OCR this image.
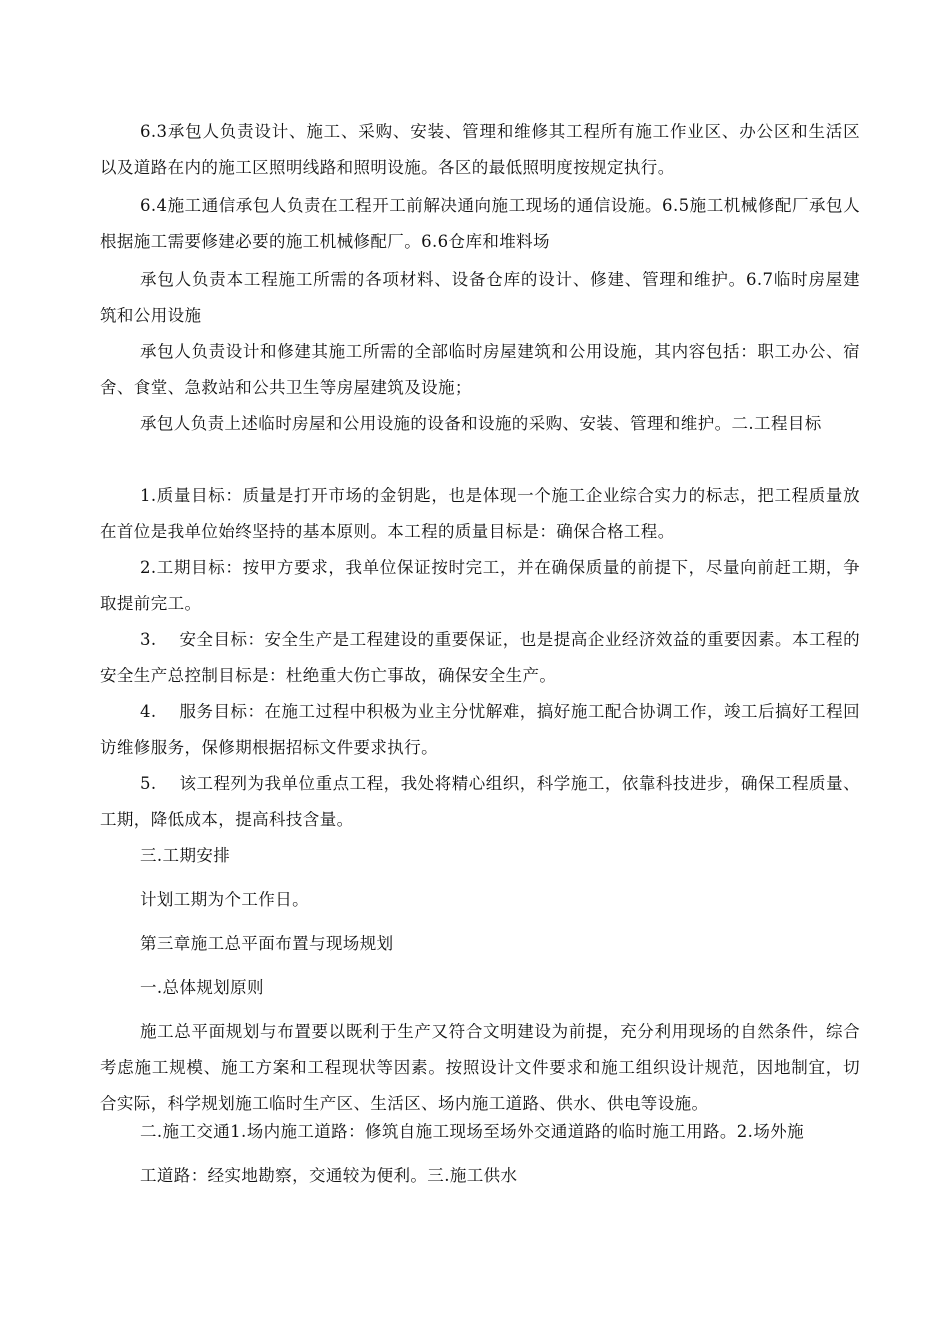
6.3承包人负责设计、施工、采购、安装、管理和维修其工程所有施工作业区、办公区和生活区以及道路在内的施工区照明线路和照明设施。各区的最低照明度按规定执行。

6.4施工通信承包人负责在工程开工前解决通向施工现场的通信设施。6.5施工机械修配厂承包人根据施工需要修建必要的施工机械修配厂。6.6仓库和堆料场

承包人负责本工程施工所需的各项材料、设备仓库的设计、修建、管理和维护。6.7临时房屋建筑和公用设施

承包人负责设计和修建其施工所需的全部临时房屋建筑和公用设施，其内容包括：职工办公、宿舍、食堂、急救站和公共卫生等房屋建筑及设施；

承包人负责上述临时房屋和公用设施的设备和设施的采购、安装、管理和维护。二.工程目标

1.质量目标：质量是打开市场的金钥匙，也是体现一个施工企业综合实力的标志，把工程质量放在首位是我单位始终坚持的基本原则。本工程的质量目标是：确保合格工程。

2.工期目标：按甲方要求，我单位保证按时完工，并在确保质量的前提下，尽量向前赶工期，争取提前完工。

3.　 安全目标：安全生产是工程建设的重要保证，也是提高企业经济效益的重要因素。本工程的安全生产总控制目标是：杜绝重大伤亡事故，确保安全生产。

4.　 服务目标：在施工过程中积极为业主分忧解难，搞好施工配合协调工作，竣工后搞好工程回访维修服务，保修期根据招标文件要求执行。

5.　 该工程列为我单位重点工程，我处将精心组织，科学施工，依靠科技进步，确保工程质量、工期，降低成本，提高科技含量。

三.工期安排

计划工期为个工作日。

第三章施工总平面布置与现场规划

一.总体规划原则

施工总平面规划与布置要以既利于生产又符合文明建设为前提，充分利用现场的自然条件，综合考虑施工规模、施工方案和工程现状等因素。按照设计文件要求和施工组织设计规范，因地制宜，切合实际，科学规划施工临时生产区、生活区、场内施工道路、供水、供电等设施。

二.施工交通1.场内施工道路：修筑自施工现场至场外交通道路的临时施工用路。2.场外施

工道路：经实地勘察，交通较为便利。三.施工供水
